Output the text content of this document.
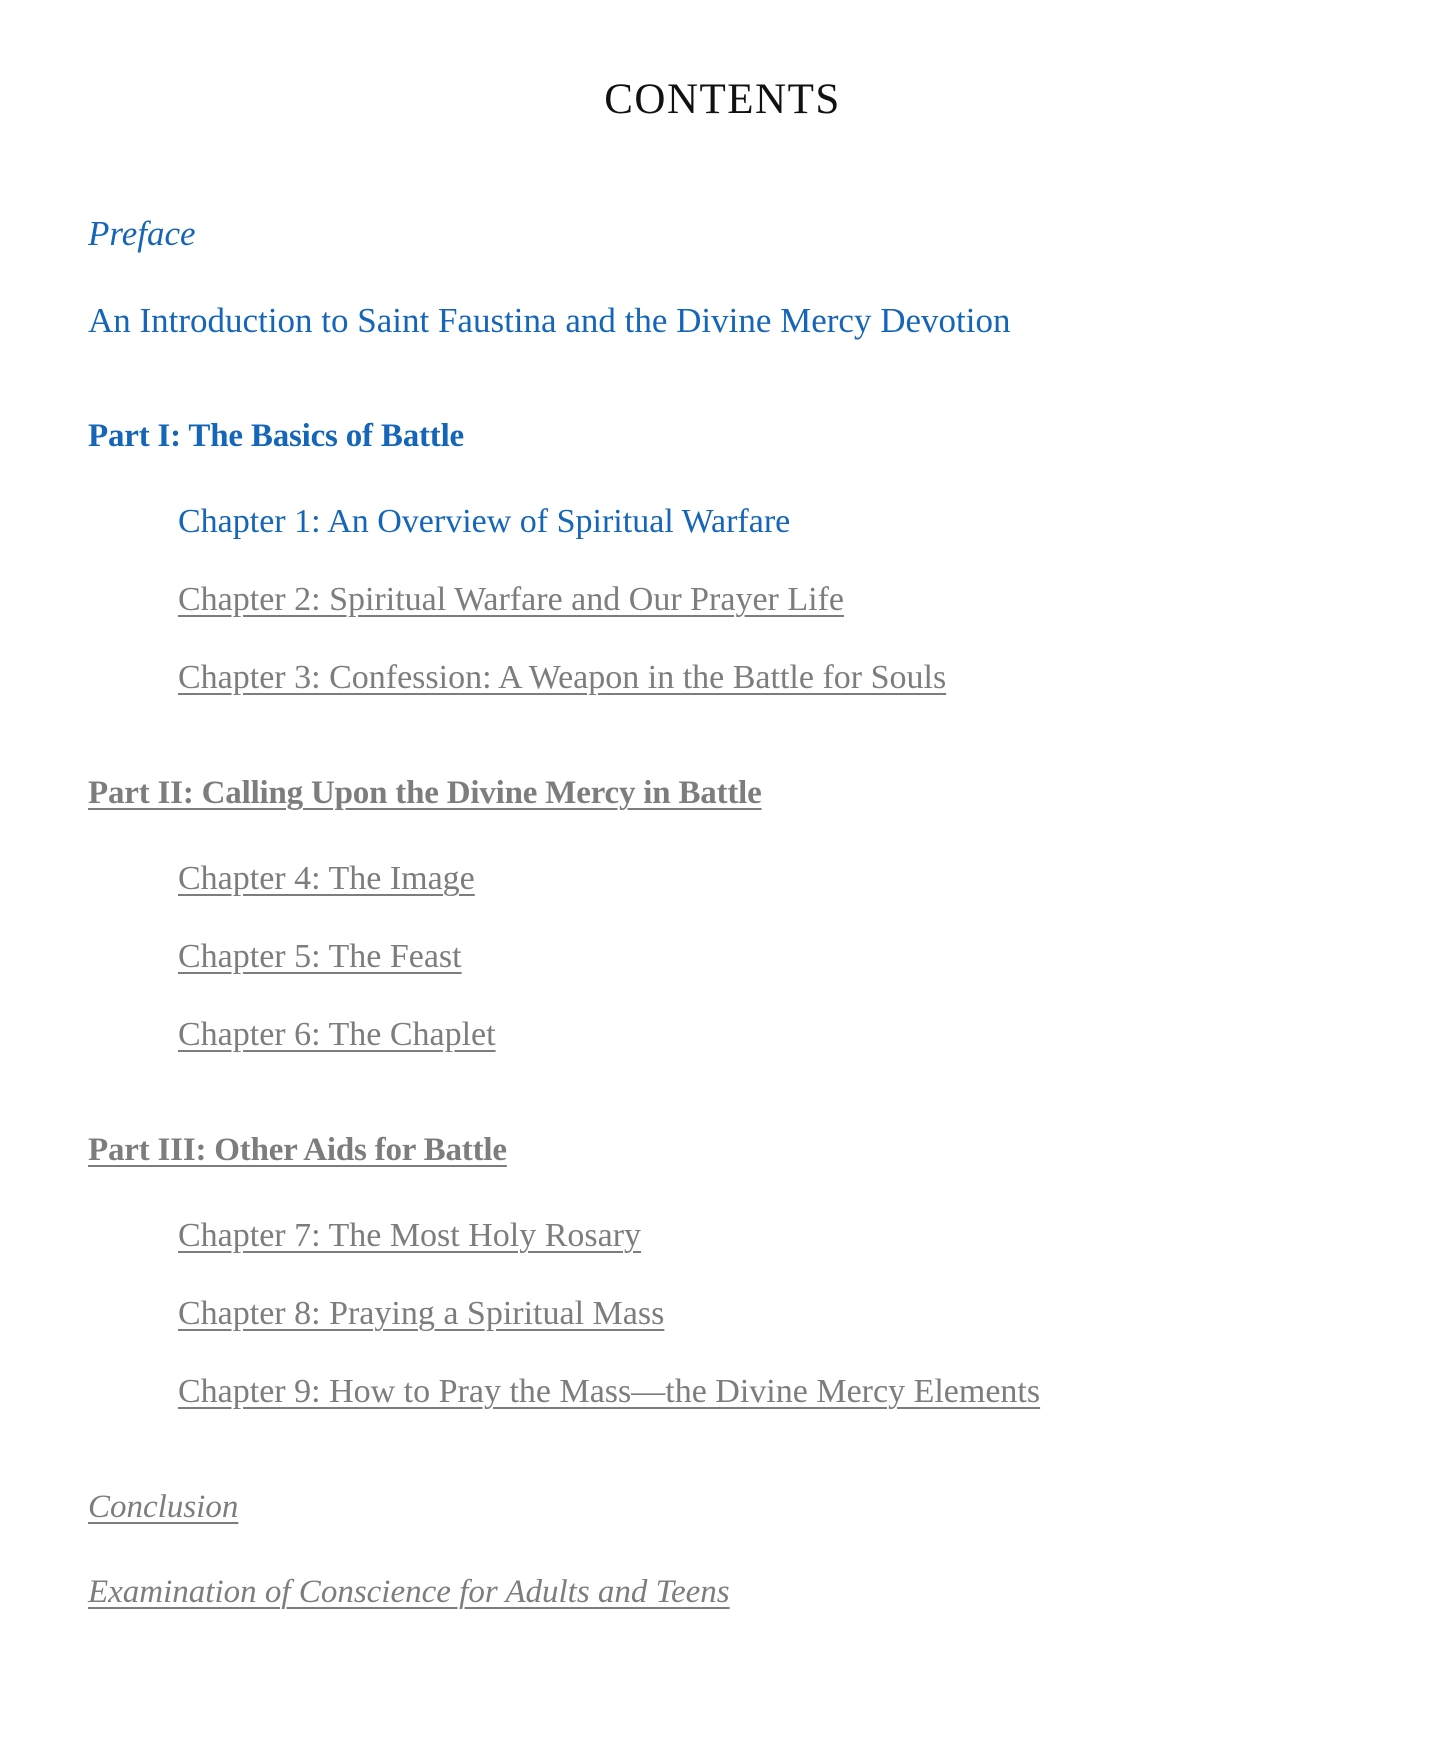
contents
Preface
An Introduction to Saint Faustina and the Divine Mercy Devotion
Part I: The Basics of Battle
Chapter 1: An Overview of Spiritual Warfare
Chapter 2: Spiritual Warfare and Our Prayer Life
Chapter 3: Confession: A Weapon in the Battle for Souls
Part II: Calling Upon the Divine Mercy in Battle
Chapter 4: The Image
Chapter 5: The Feast
Chapter 6: The Chaplet
Part III: Other Aids for Battle
Chapter 7: The Most Holy Rosary
Chapter 8: Praying a Spiritual Mass
Chapter 9: How to Pray the Mass—the Divine Mercy Elements
Conclusion
Examination of Conscience for Adults and Teens
